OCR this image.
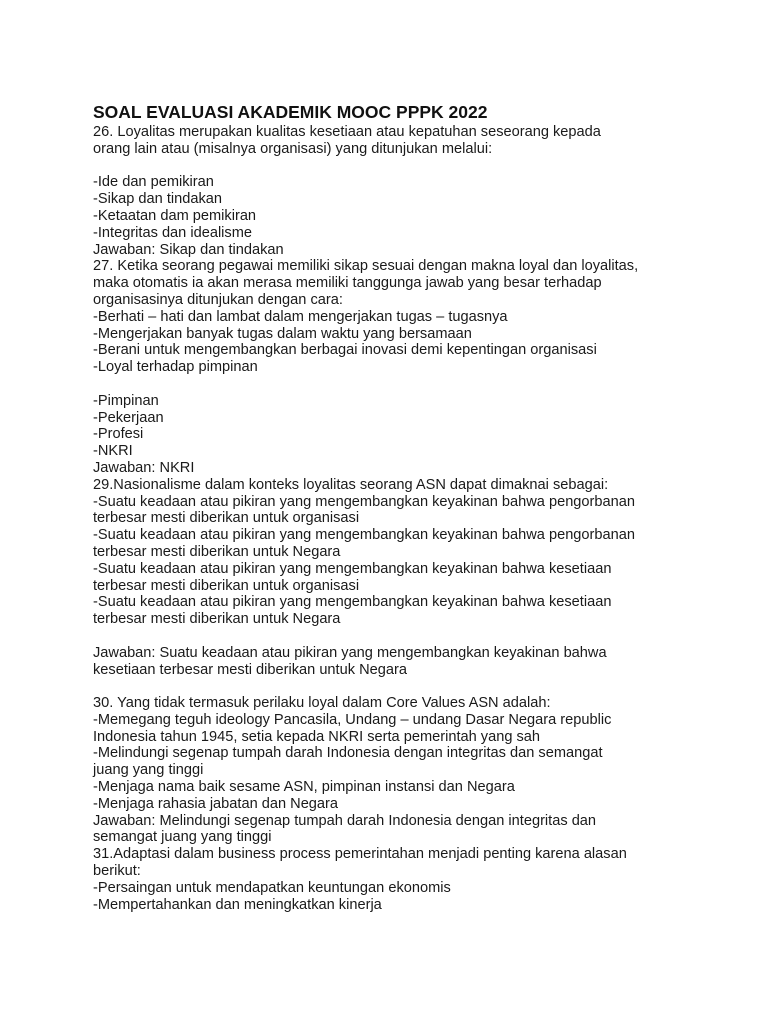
SOAL EVALUASI AKADEMIK MOOC PPPK 2022
26. Loyalitas merupakan kualitas kesetiaan atau kepatuhan seseorang kepada
orang lain atau (misalnya organisasi) yang ditunjukan melalui:
-Ide dan pemikiran
-Sikap dan tindakan
-Ketaatan dam pemikiran
-Integritas dan idealisme
Jawaban: Sikap dan tindakan
27. Ketika seorang pegawai memiliki sikap sesuai dengan makna loyal dan loyalitas,
maka otomatis ia akan merasa memiliki tanggunga jawab yang besar terhadap
organisasinya ditunjukan dengan cara:
-Berhati – hati dan lambat dalam mengerjakan tugas – tugasnya
-Mengerjakan banyak tugas dalam waktu yang bersamaan
-Berani untuk mengembangkan berbagai inovasi demi kepentingan organisasi
-Loyal terhadap pimpinan
-Pimpinan
-Pekerjaan
-Profesi
-NKRI
Jawaban: NKRI
29.Nasionalisme dalam konteks loyalitas seorang ASN dapat dimaknai sebagai:
-Suatu keadaan atau pikiran yang mengembangkan keyakinan bahwa pengorbanan
terbesar mesti diberikan untuk organisasi
-Suatu keadaan atau pikiran yang mengembangkan keyakinan bahwa pengorbanan
terbesar mesti diberikan untuk Negara
-Suatu keadaan atau pikiran yang mengembangkan keyakinan bahwa kesetiaan
terbesar mesti diberikan untuk organisasi
-Suatu keadaan atau pikiran yang mengembangkan keyakinan bahwa kesetiaan
terbesar mesti diberikan untuk Negara
Jawaban: Suatu keadaan atau pikiran yang mengembangkan keyakinan bahwa
kesetiaan terbesar mesti diberikan untuk Negara
30. Yang tidak termasuk perilaku loyal dalam Core Values ASN adalah:
-Memegang teguh ideology Pancasila, Undang – undang Dasar Negara republic
Indonesia tahun 1945, setia kepada NKRI serta pemerintah yang sah
-Melindungi segenap tumpah darah Indonesia dengan integritas dan semangat
juang yang tinggi
-Menjaga nama baik sesame ASN, pimpinan instansi dan Negara
-Menjaga rahasia jabatan dan Negara
Jawaban: Melindungi segenap tumpah darah Indonesia dengan integritas dan
semangat juang yang tinggi
31.Adaptasi dalam business process pemerintahan menjadi penting karena alasan
berikut:
-Persaingan untuk mendapatkan keuntungan ekonomis
-Mempertahankan dan meningkatkan kinerja
